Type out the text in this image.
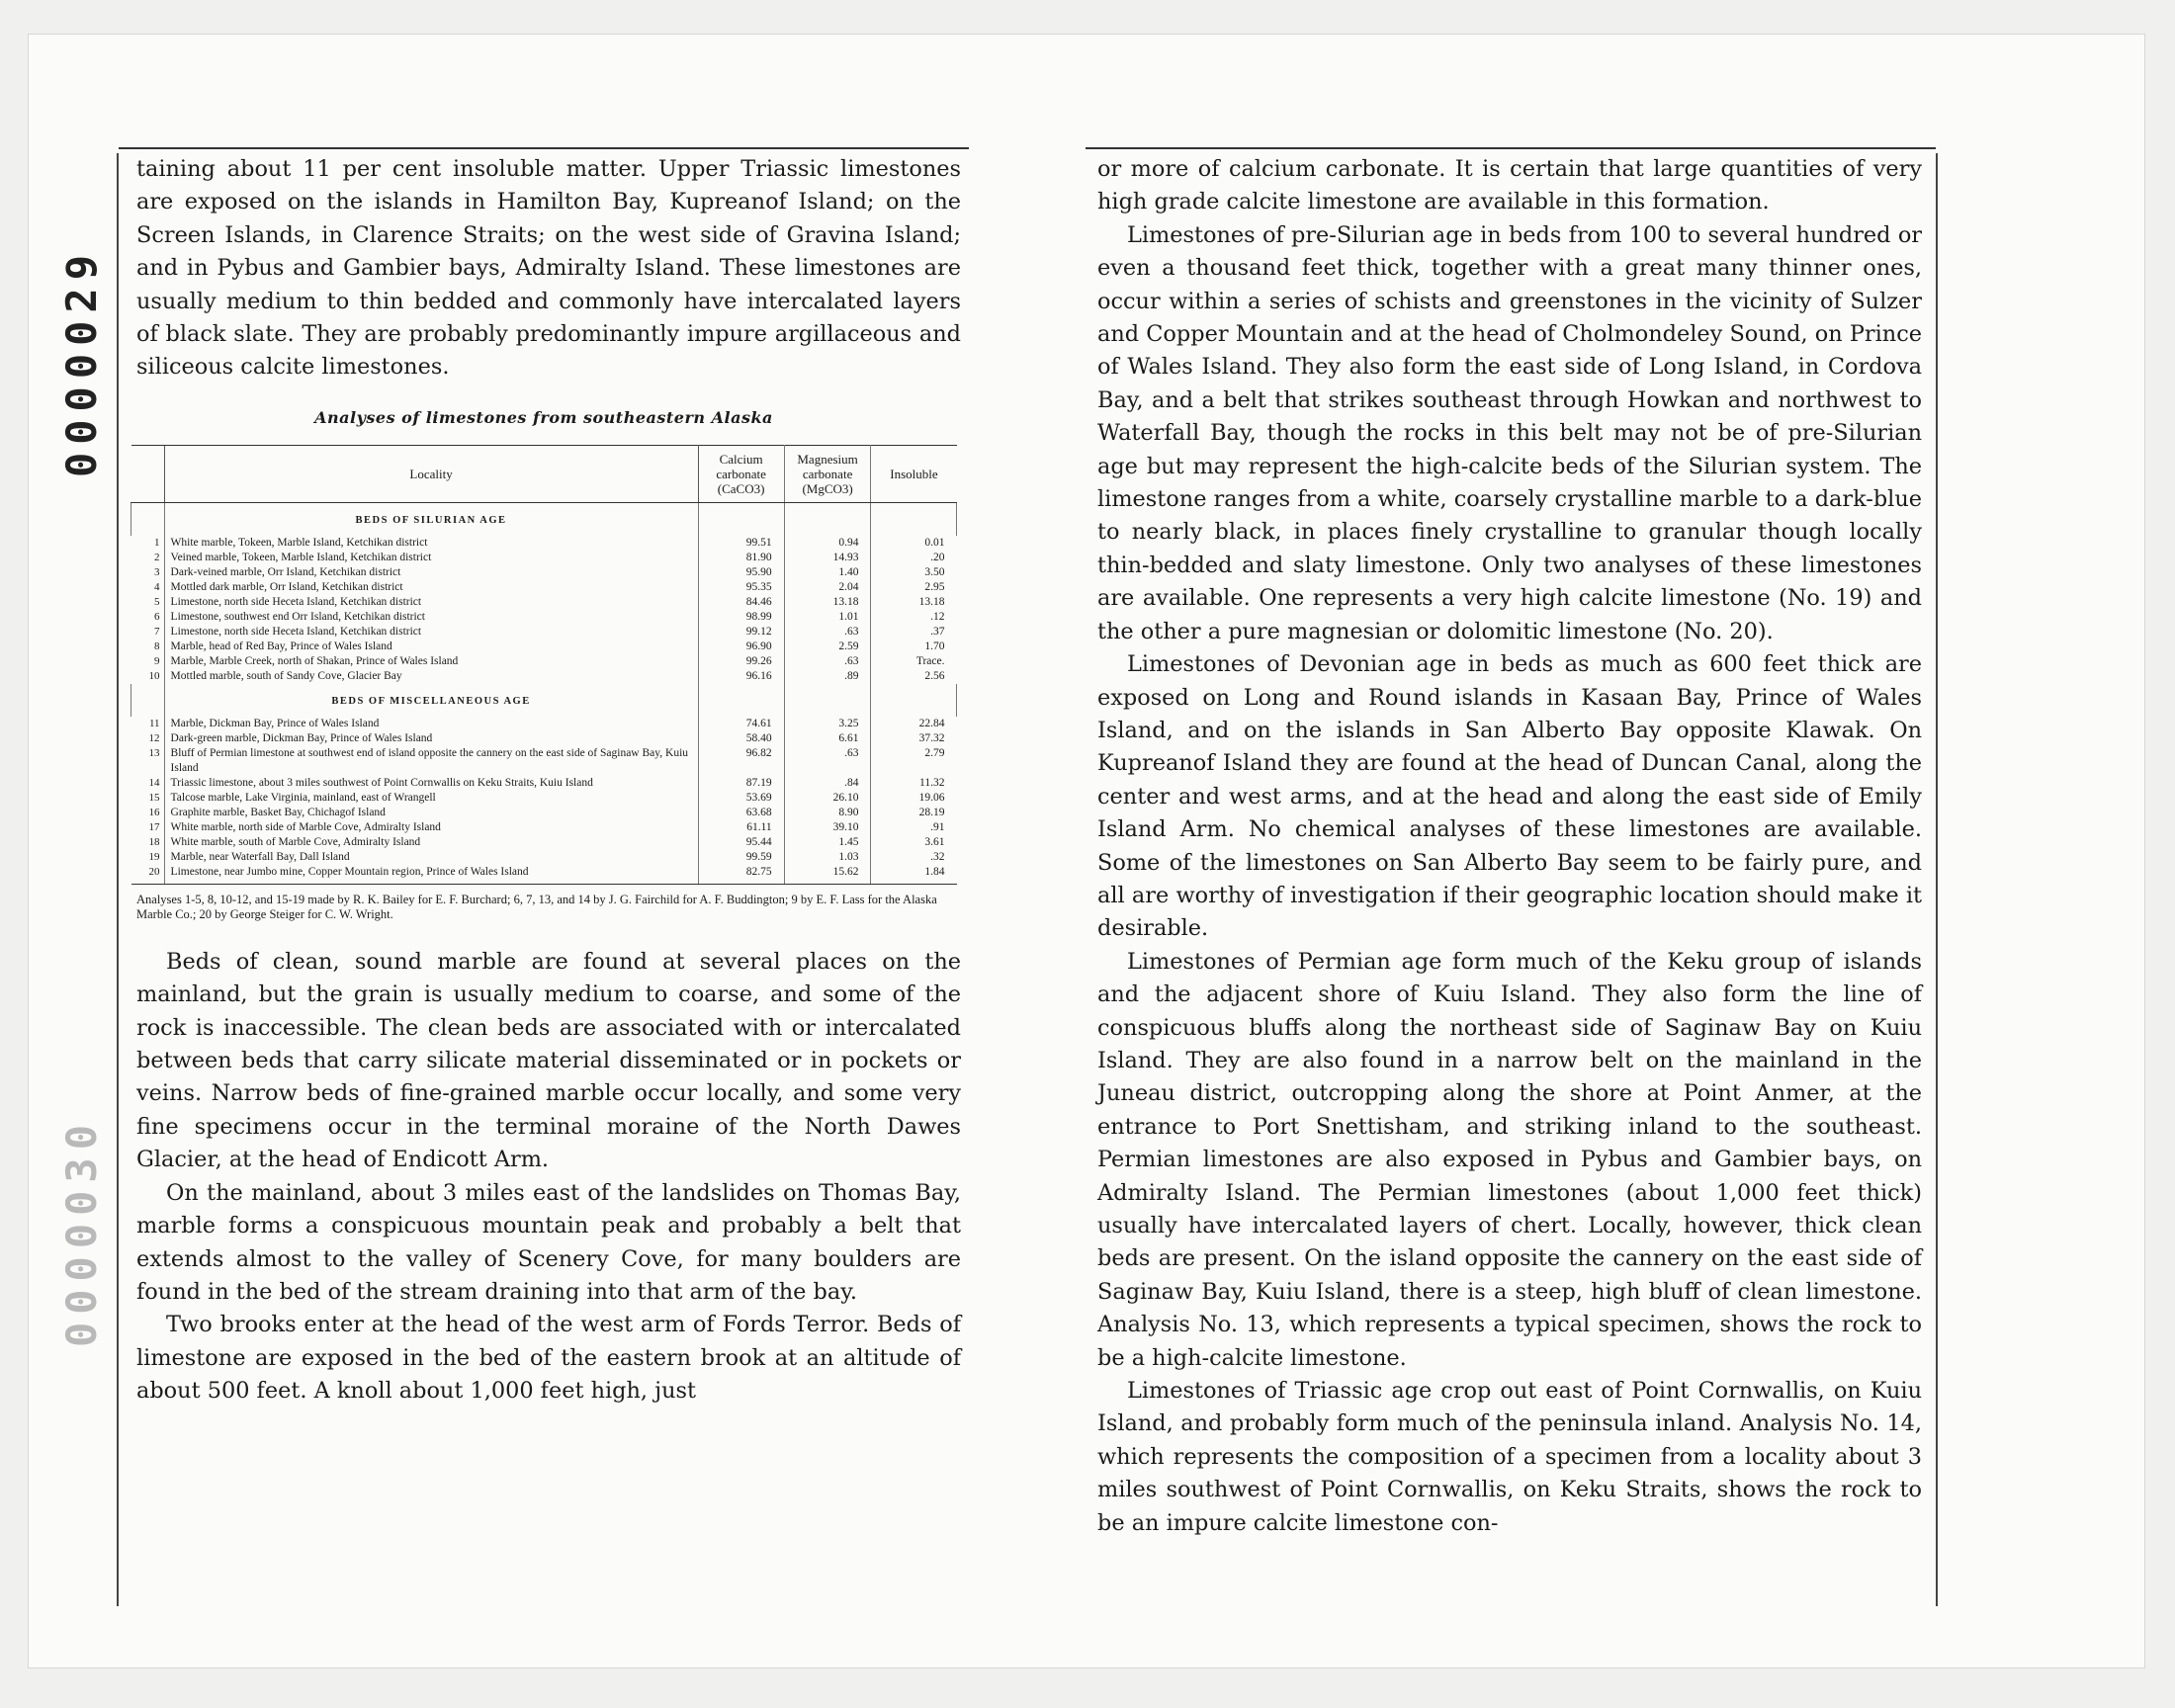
0000029
0000030

taining about 11 per cent insoluble matter. Upper Triassic limestones are exposed on the islands in Hamilton Bay, Kupreanof Island; on the Screen Islands, in Clarence Straits; on the west side of Gravina Island; and in Pybus and Gambier bays, Admiralty Island. These limestones are usually medium to thin bedded and commonly have intercalated layers of black slate. They are probably predominantly impure argillaceous and siliceous calcite limestones.

Analyses of limestones from southeastern Alaska
	Locality	Calcium carbonate (CaCO3)	Magnesium carbonate (MgCO3)	Insoluble
	BEDS OF SILURIAN AGE			
1	White marble, Tokeen, Marble Island, Ketchikan district	99.51	0.94	0.01
2	Veined marble, Tokeen, Marble Island, Ketchikan district	81.90	14.93	.20
3	Dark-veined marble, Orr Island, Ketchikan district	95.90	1.40	3.50
4	Mottled dark marble, Orr Island, Ketchikan district	95.35	2.04	2.95
5	Limestone, north side Heceta Island, Ketchikan district	84.46	13.18	13.18
6	Limestone, southwest end Orr Island, Ketchikan district	98.99	1.01	.12
7	Limestone, north side Heceta Island, Ketchikan district	99.12	.63	.37
8	Marble, head of Red Bay, Prince of Wales Island	96.90	2.59	1.70
9	Marble, Marble Creek, north of Shakan, Prince of Wales Island	99.26	.63	Trace.
10	Mottled marble, south of Sandy Cove, Glacier Bay	96.16	.89	2.56
	BEDS OF MISCELLANEOUS AGE			
11	Marble, Dickman Bay, Prince of Wales Island	74.61	3.25	22.84
12	Dark-green marble, Dickman Bay, Prince of Wales Island	58.40	6.61	37.32
13	Bluff of Permian limestone at southwest end of island opposite the cannery on the east side of Saginaw Bay, Kuiu Island	96.82	.63	2.79
14	Triassic limestone, about 3 miles southwest of Point Cornwallis on Keku Straits, Kuiu Island	87.19	.84	11.32
15	Talcose marble, Lake Virginia, mainland, east of Wrangell	53.69	26.10	19.06
16	Graphite marble, Basket Bay, Chichagof Island	63.68	8.90	28.19
17	White marble, north side of Marble Cove, Admiralty Island	61.11	39.10	.91
18	White marble, south of Marble Cove, Admiralty Island	95.44	1.45	3.61
19	Marble, near Waterfall Bay, Dall Island	99.59	1.03	.32
20	Limestone, near Jumbo mine, Copper Mountain region, Prince of Wales Island	82.75	15.62	1.84

Analyses 1-5, 8, 10-12, and 15-19 made by R. K. Bailey for E. F. Burchard; 6, 7, 13, and 14 by J. G. Fairchild for A. F. Buddington; 9 by E. F. Lass for the Alaska Marble Co.; 20 by George Steiger for C. W. Wright.

Beds of clean, sound marble are found at several places on the mainland, but the grain is usually medium to coarse, and some of the rock is inaccessible. The clean beds are associated with or intercalated between beds that carry silicate material disseminated or in pockets or veins. Narrow beds of fine-grained marble occur locally, and some very fine specimens occur in the terminal moraine of the North Dawes Glacier, at the head of Endicott Arm.

On the mainland, about 3 miles east of the landslides on Thomas Bay, marble forms a conspicuous mountain peak and probably a belt that extends almost to the valley of Scenery Cove, for many boulders are found in the bed of the stream draining into that arm of the bay.

Two brooks enter at the head of the west arm of Fords Terror. Beds of limestone are exposed in the bed of the eastern brook at an altitude of about 500 feet. A knoll about 1,000 feet high, just

or more of calcium carbonate. It is certain that large quantities of very high grade calcite limestone are available in this formation.

Limestones of pre-Silurian age in beds from 100 to several hundred or even a thousand feet thick, together with a great many thinner ones, occur within a series of schists and greenstones in the vicinity of Sulzer and Copper Mountain and at the head of Cholmondeley Sound, on Prince of Wales Island. They also form the east side of Long Island, in Cordova Bay, and a belt that strikes southeast through Howkan and northwest to Waterfall Bay, though the rocks in this belt may not be of pre-Silurian age but may represent the high-calcite beds of the Silurian system. The limestone ranges from a white, coarsely crystalline marble to a dark-blue to nearly black, in places finely crystalline to granular though locally thin-bedded and slaty limestone. Only two analyses of these limestones are available. One represents a very high calcite limestone (No. 19) and the other a pure magnesian or dolomitic limestone (No. 20).

Limestones of Devonian age in beds as much as 600 feet thick are exposed on Long and Round islands in Kasaan Bay, Prince of Wales Island, and on the islands in San Alberto Bay opposite Klawak. On Kupreanof Island they are found at the head of Duncan Canal, along the center and west arms, and at the head and along the east side of Emily Island Arm. No chemical analyses of these limestones are available. Some of the limestones on San Alberto Bay seem to be fairly pure, and all are worthy of investigation if their geographic location should make it desirable.

Limestones of Permian age form much of the Keku group of islands and the adjacent shore of Kuiu Island. They also form the line of conspicuous bluffs along the northeast side of Saginaw Bay on Kuiu Island. They are also found in a narrow belt on the mainland in the Juneau district, outcropping along the shore at Point Anmer, at the entrance to Port Snettisham, and striking inland to the southeast. Permian limestones are also exposed in Pybus and Gambier bays, on Admiralty Island. The Permian limestones (about 1,000 feet thick) usually have intercalated layers of chert. Locally, however, thick clean beds are present. On the island opposite the cannery on the east side of Saginaw Bay, Kuiu Island, there is a steep, high bluff of clean limestone. Analysis No. 13, which represents a typical specimen, shows the rock to be a high-calcite limestone.

Limestones of Triassic age crop out east of Point Cornwallis, on Kuiu Island, and probably form much of the peninsula inland. Analysis No. 14, which represents the composition of a specimen from a locality about 3 miles southwest of Point Cornwallis, on Keku Straits, shows the rock to be an impure calcite limestone con-
